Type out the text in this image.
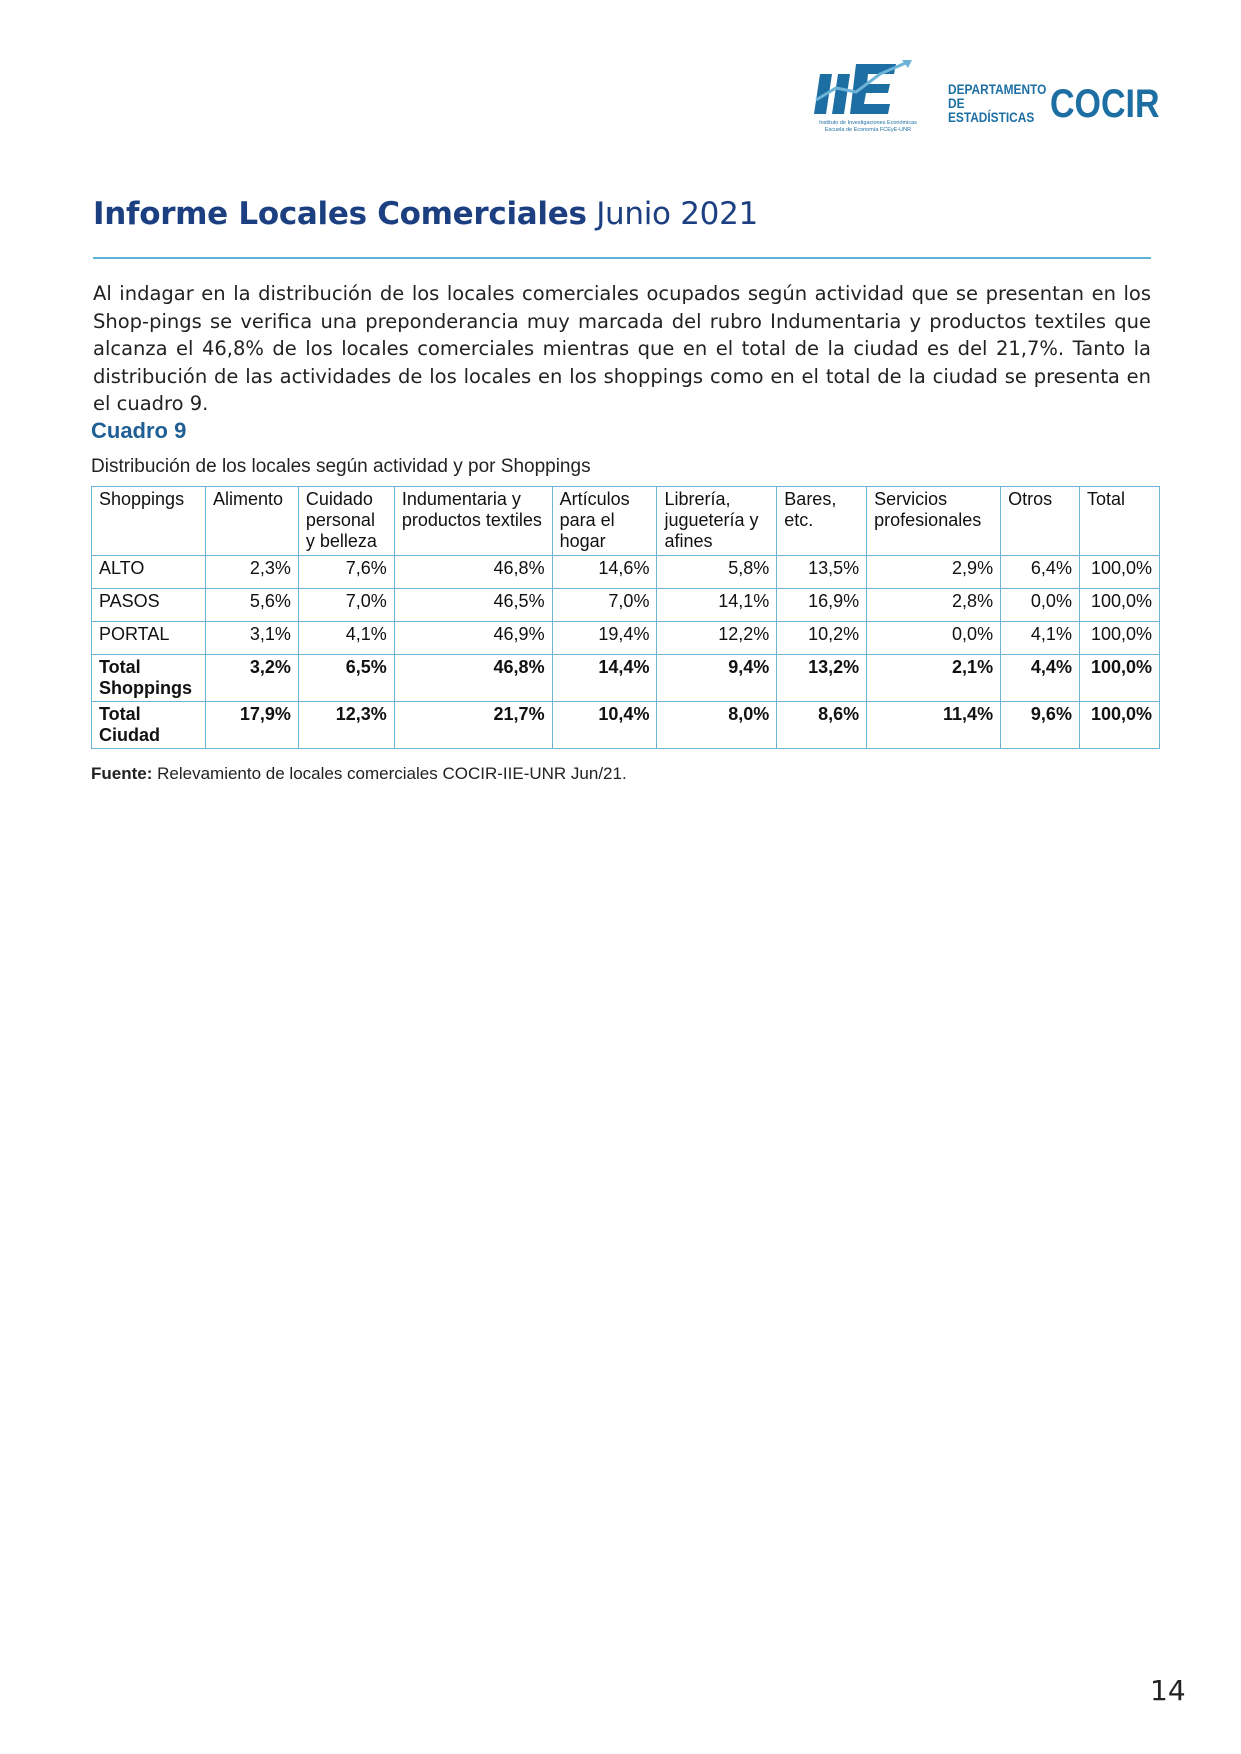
Instituto de Investigaciones Económicas
Escuela de Economía FCEyE-UNR
DEPARTAMENTO DE
ESTADÍSTICAS COCIR
Informe Locales Comerciales Junio 2021

Al indagar en la distribución de los locales comerciales ocupados según actividad que se presentan en los Shop-pings se verifica una preponderancia muy marcada del rubro Indumentaria y productos textiles que alcanza el 46,8% de los locales comerciales mientras que en el total de la ciudad es del 21,7%. Tanto la distribución de las actividades de los locales en los shoppings como en el total de la ciudad se presenta en el cuadro 9.

Cuadro 9
Distribución de los locales según actividad y por Shoppings
Shoppings	Alimento	Cuidado personal y belleza	Indumentaria y productos textiles	Artículos para el hogar	Librería, juguetería y afines	Bares, etc.	Servicios profesionales	Otros	Total
ALTO	2,3%	7,6%	46,8%	14,6%	5,8%	13,5%	2,9%	6,4%	100,0%
PASOS	5,6%	7,0%	46,5%	7,0%	14,1%	16,9%	2,8%	0,0%	100,0%
PORTAL	3,1%	4,1%	46,9%	19,4%	12,2%	10,2%	0,0%	4,1%	100,0%
Total Shoppings	3,2%	6,5%	46,8%	14,4%	9,4%	13,2%	2,1%	4,4%	100,0%
Total Ciudad	17,9%	12,3%	21,7%	10,4%	8,0%	8,6%	11,4%	9,6%	100,0%
Fuente: Relevamiento de locales comerciales COCIR-IIE-UNR Jun/21.
14
